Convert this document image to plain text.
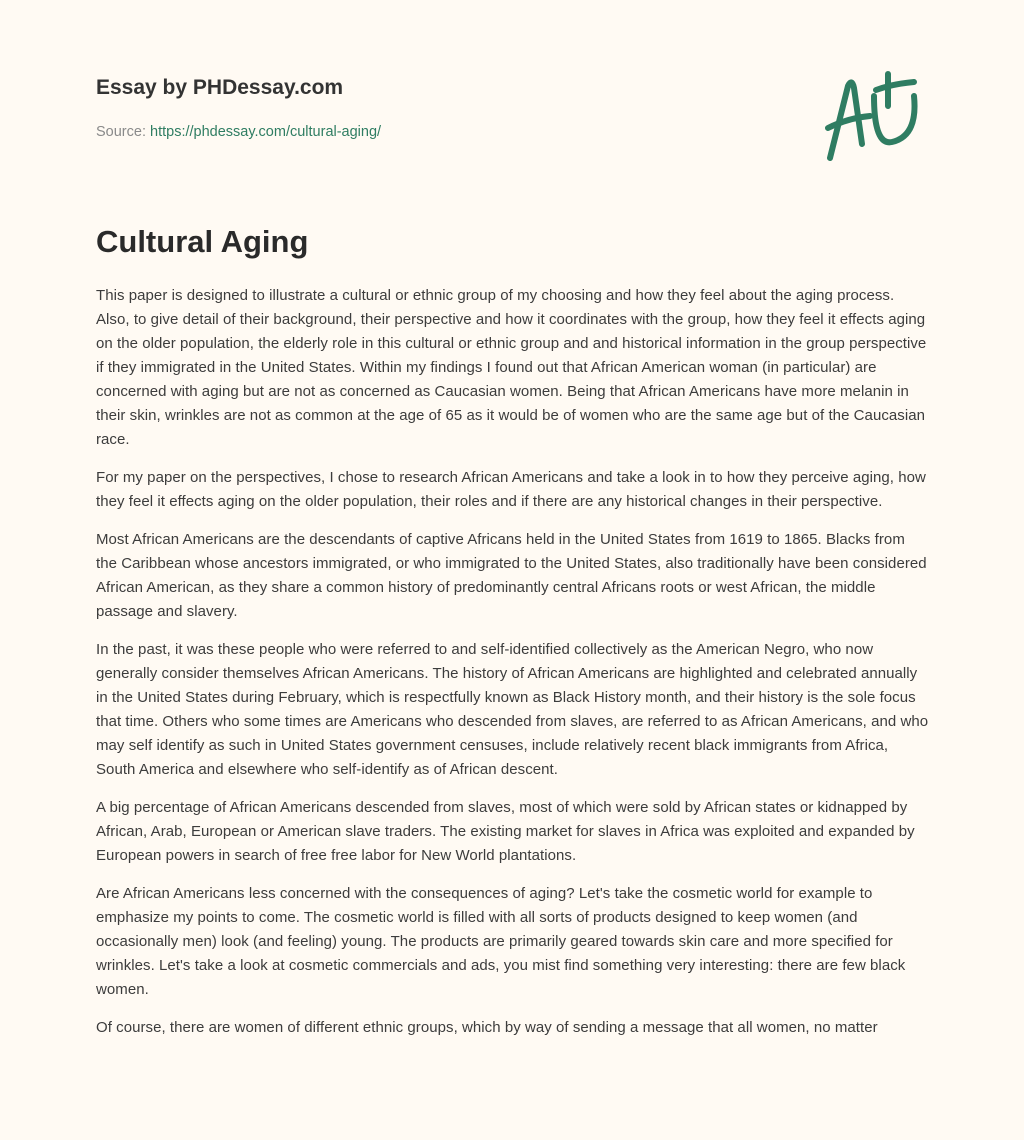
Essay by PHDessay.com
Source: https://phdessay.com/cultural-aging/
Cultural Aging

This paper is designed to illustrate a cultural or ethnic group of my choosing and how they feel about the aging process. Also, to give detail of their background, their perspective and how it coordinates with the group, how they feel it effects aging on the older population, the elderly role in this cultural or ethnic group and and historical information in the group perspective if they immigrated in the United States. Within my findings I found out that African American woman (in particular) are concerned with aging but are not as concerned as Caucasian women. Being that African Americans have more melanin in their skin, wrinkles are not as common at the age of 65 as it would be of women who are the same age but of the Caucasian race.

For my paper on the perspectives, I chose to research African Americans and take a look in to how they perceive aging, how they feel it effects aging on the older population, their roles and if there are any historical changes in their perspective.

Most African Americans are the descendants of captive Africans held in the United States from 1619 to 1865. Blacks from the Caribbean whose ancestors immigrated, or who immigrated to the United States, also traditionally have been considered African American, as they share a common history of predominantly central Africans roots or west African, the middle passage and slavery.

In the past, it was these people who were referred to and self-identified collectively as the American Negro, who now generally consider themselves African Americans. The history of African Americans are highlighted and celebrated annually in the United States during February, which is respectfully known as Black History month, and their history is the sole focus that time. Others who some times are Americans who descended from slaves, are referred to as African Americans, and who may self identify as such in United States government censuses, include relatively recent black immigrants from Africa, South America and elsewhere who self-identify as of African descent.

A big percentage of African Americans descended from slaves, most of which were sold by African states or kidnapped by African, Arab, European or American slave traders. The existing market for slaves in Africa was exploited and expanded by European powers in search of free free labor for New World plantations.

Are African Americans less concerned with the consequences of aging? Let's take the cosmetic world for example to emphasize my points to come. The cosmetic world is filled with all sorts of products designed to keep women (and occasionally men) look (and feeling) young. The products are primarily geared towards skin care and more specified for wrinkles. Let's take a look at cosmetic commercials and ads, you mist find something very interesting: there are few black women.

Of course, there are women of different ethnic groups, which by way of sending a message that all women, no matter
